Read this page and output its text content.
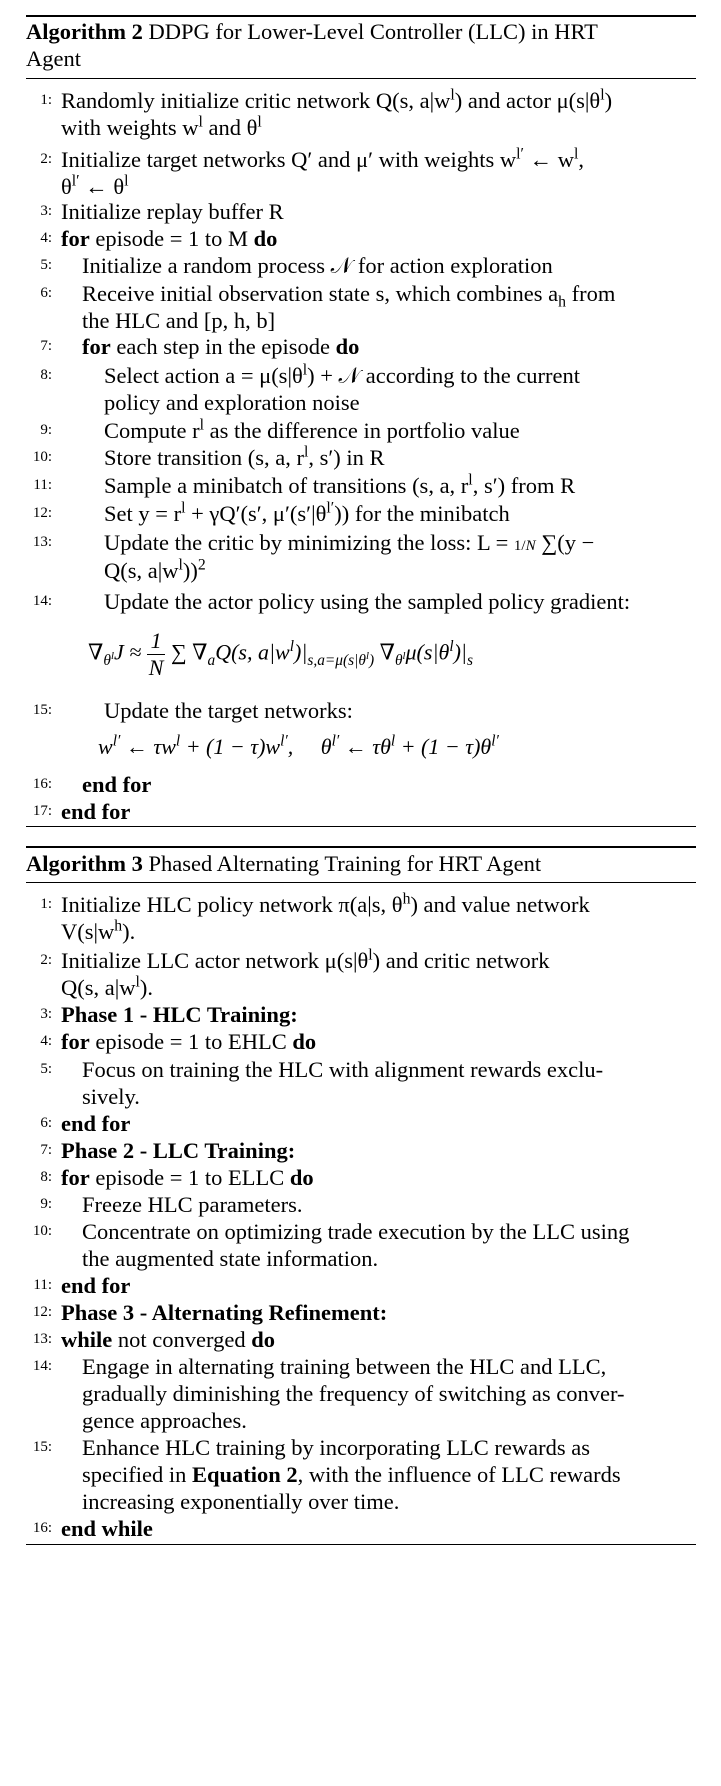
Algorithm 2 DDPG for Lower-Level Controller (LLC) in HRT
Agent
1: Randomly initialize critic network Q(s, $a|w^l$) and actor $\mu(s|\theta^l)$
with weights $w^l$ and $\theta^l$
2: Initialize target networks Q′ and μ′ with weights $w^{l'}$ ← $w^l$,
$\theta^{l'}$ ← $\theta^l$
3: Initialize replay buffer R
4: for episode = 1 to M do
5: Initialize a random process 𝒩 for action exploration
6: Receive initial observation state s, which combines $a_h$ from
the HLC and [p, h, b]
7: for each step in the episode do
8: Select action $a = \mu(s|\theta^l)$ + 𝒩 according to the current
policy and exploration noise
9: Compute $r^l$ as the difference in portfolio value
10: Store transition (s, a, $r^l$, s′) in R
11: Sample a minibatch of transitions (s, a, $r^l$, s′) from R
12: Set $y = r^l + \gamma Q'(s'$, $\mu'(s'|\theta^{l'})$) for the minibatch
13: Update the critic by minimizing the loss: L = 1/N ∑(y −
Q(s, $a|w^l))^2$
14: Update the actor policy using the sampled policy gradient:
$\nabla_{\theta^l}J \approx \frac{1}{N}$ ∑ $\nabla_aQ(s$, $a|w^l)|_{s,a=\mu(s|\theta^l)}$ $\nabla_{\theta^l}\mu(s|\theta^l)|_s$
15: Update the target networks:
$w^{l'}$ ← $\tau w^l + (1 - \tau)w^{l'}$,     $\theta^{l'}$ ← $\tau\theta^l + (1 - \tau)\theta^{l'}$
16: end for
17: end for
Algorithm 3 Phased Alternating Training for HRT Agent
1: Initialize HLC policy network π(a|s, $\theta^h$) and value network
$V(s|w^h)$.
2: Initialize LLC actor network $\mu(s|\theta^l)$ and critic network
Q(s, $a|w^l$).
3: Phase 1 - HLC Training:
4: for episode = 1 to EHLC do
5: Focus on training the HLC with alignment rewards exclu-
sively.
6: end for
7: Phase 2 - LLC Training:
8: for episode = 1 to ELLC do
9: Freeze HLC parameters.
10: Concentrate on optimizing trade execution by the LLC using
the augmented state information.
11: end for
12: Phase 3 - Alternating Refinement:
13: while not converged do
14: Engage in alternating training between the HLC and LLC,
gradually diminishing the frequency of switching as conver-
gence approaches.
15: Enhance HLC training by incorporating LLC rewards as
specified in Equation 2, with the influence of LLC rewards
increasing exponentially over time.
16: end while
